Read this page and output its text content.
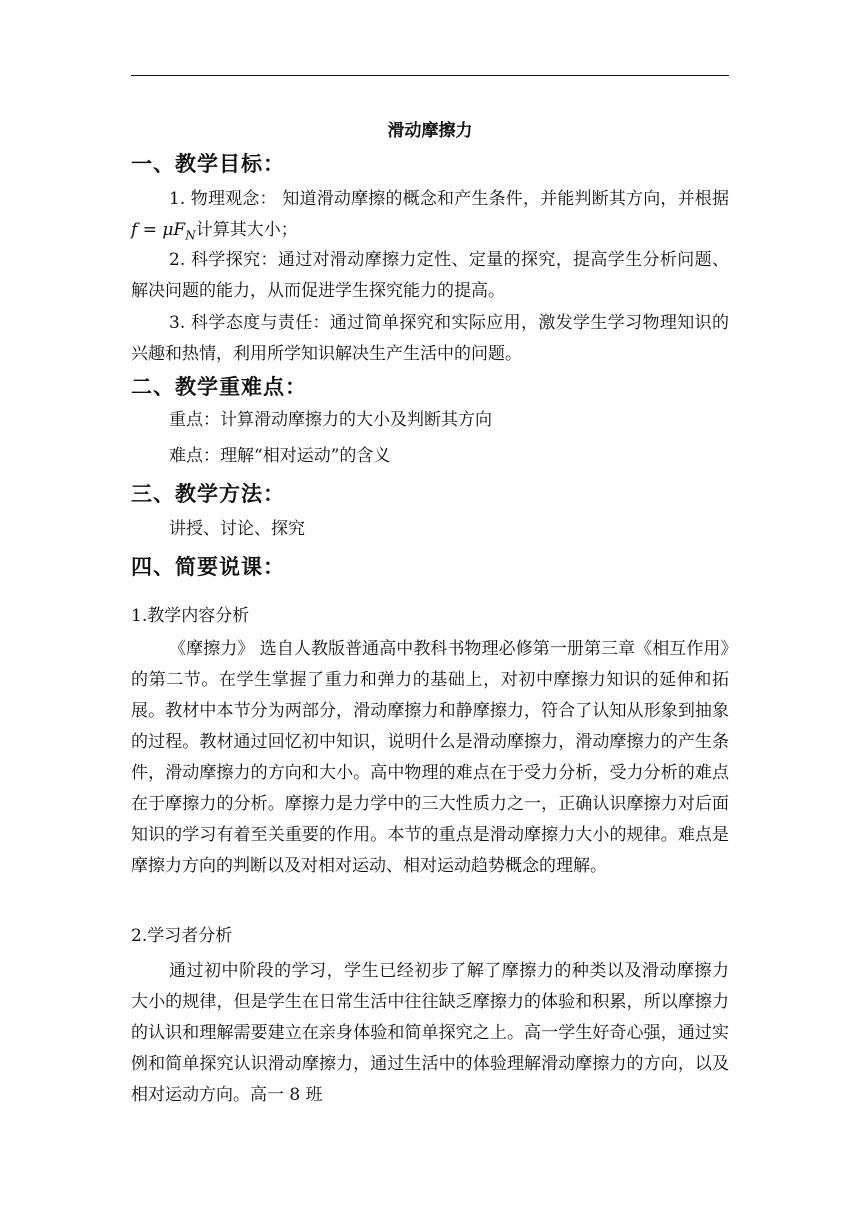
滑动摩擦力
一、教学目标：
1. 物理观念： 知道滑动摩擦的概念和产生条件，并能判断其方向，并根据$f = \mu F_N$计算其大小；
2. 科学探究：通过对滑动摩擦力定性、定量的探究，提高学生分析问题、解决问题的能力，从而促进学生探究能力的提高。
3. 科学态度与责任：通过简单探究和实际应用，激发学生学习物理知识的兴趣和热情，利用所学知识解决生产生活中的问题。
二、教学重难点：
重点：计算滑动摩擦力的大小及判断其方向
难点：理解“相对运动”的含义
三、教学方法：
讲授、讨论、探究
四、简要说课：
1.教学内容分析
《摩擦力》 选自人教版普通高中教科书物理必修第一册第三章《相互作用》的第二节。在学生掌握了重力和弹力的基础上，对初中摩擦力知识的延伸和拓展。教材中本节分为两部分，滑动摩擦力和静摩擦力，符合了认知从形象到抽象的过程。教材通过回忆初中知识，说明什么是滑动摩擦力，滑动摩擦力的产生条件，滑动摩擦力的方向和大小。高中物理的难点在于受力分析，受力分析的难点在于摩擦力的分析。摩擦力是力学中的三大性质力之一，正确认识摩擦力对后面知识的学习有着至关重要的作用。本节的重点是滑动摩擦力大小的规律。难点是摩擦力方向的判断以及对相对运动、相对运动趋势概念的理解。
2.学习者分析
通过初中阶段的学习，学生已经初步了解了摩擦力的种类以及滑动摩擦力大小的规律，但是学生在日常生活中往往缺乏摩擦力的体验和积累，所以摩擦力的认识和理解需要建立在亲身体验和简单探究之上。高一学生好奇心强，通过实例和简单探究认识滑动摩擦力，通过生活中的体验理解滑动摩擦力的方向，以及相对运动方向。高一 8 班
